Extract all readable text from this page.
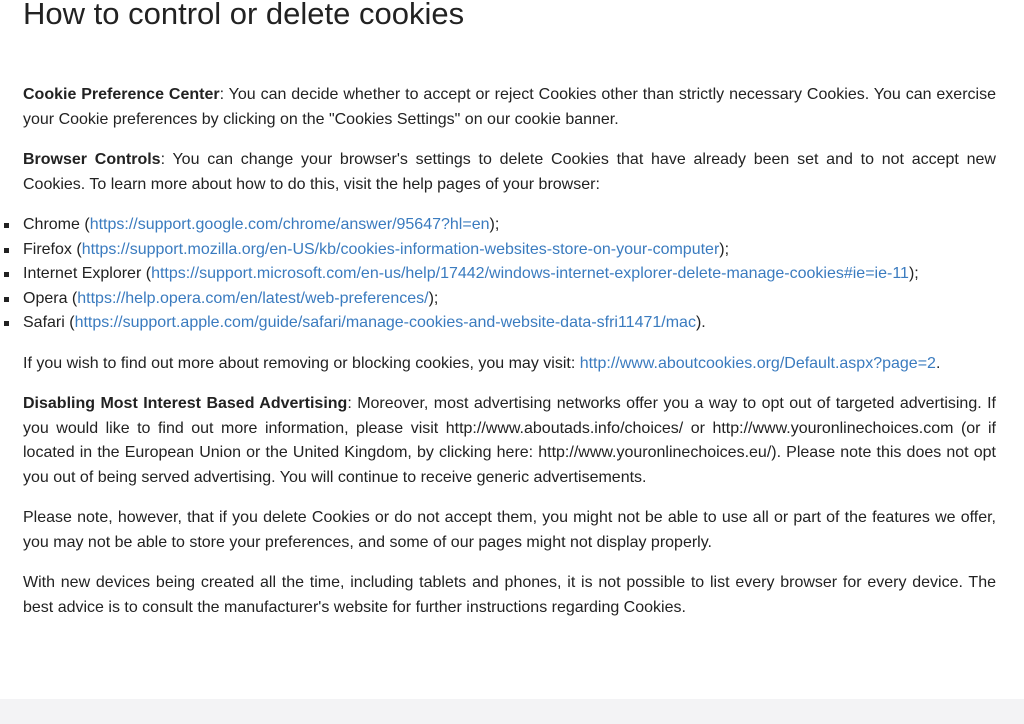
How to control or delete cookies

Cookie Preference Center: You can decide whether to accept or reject Cookies other than strictly necessary Cookies. You can exercise your Cookie preferences by clicking on the "Cookies Settings" on our cookie banner.

Browser Controls: You can change your browser's settings to delete Cookies that have already been set and to not accept new Cookies. To learn more about how to do this, visit the help pages of your browser:

Chrome (https://support.google.com/chrome/answer/95647?hl=en);
Firefox (https://support.mozilla.org/en-US/kb/cookies-information-websites-store-on-your-computer);
Internet Explorer (https://support.microsoft.com/en-us/help/17442/windows-internet-explorer-delete-manage-cookies#ie=ie-11);
Opera (https://help.opera.com/en/latest/web-preferences/);
Safari (https://support.apple.com/guide/safari/manage-cookies-and-website-data-sfri11471/mac).

If you wish to find out more about removing or blocking cookies, you may visit: http://www.aboutcookies.org/Default.aspx?page=2.

Disabling Most Interest Based Advertising: Moreover, most advertising networks offer you a way to opt out of targeted advertising. If you would like to find out more information, please visit http://www.aboutads.info/choices/ or http://www.youronlinechoices.com (or if located in the European Union or the United Kingdom, by clicking here: http://www.youronlinechoices.eu/). Please note this does not opt you out of being served advertising. You will continue to receive generic advertisements.

Please note, however, that if you delete Cookies or do not accept them, you might not be able to use all or part of the features we offer, you may not be able to store your preferences, and some of our pages might not display properly.

With new devices being created all the time, including tablets and phones, it is not possible to list every browser for every device. The best advice is to consult the manufacturer's website for further instructions regarding Cookies.
